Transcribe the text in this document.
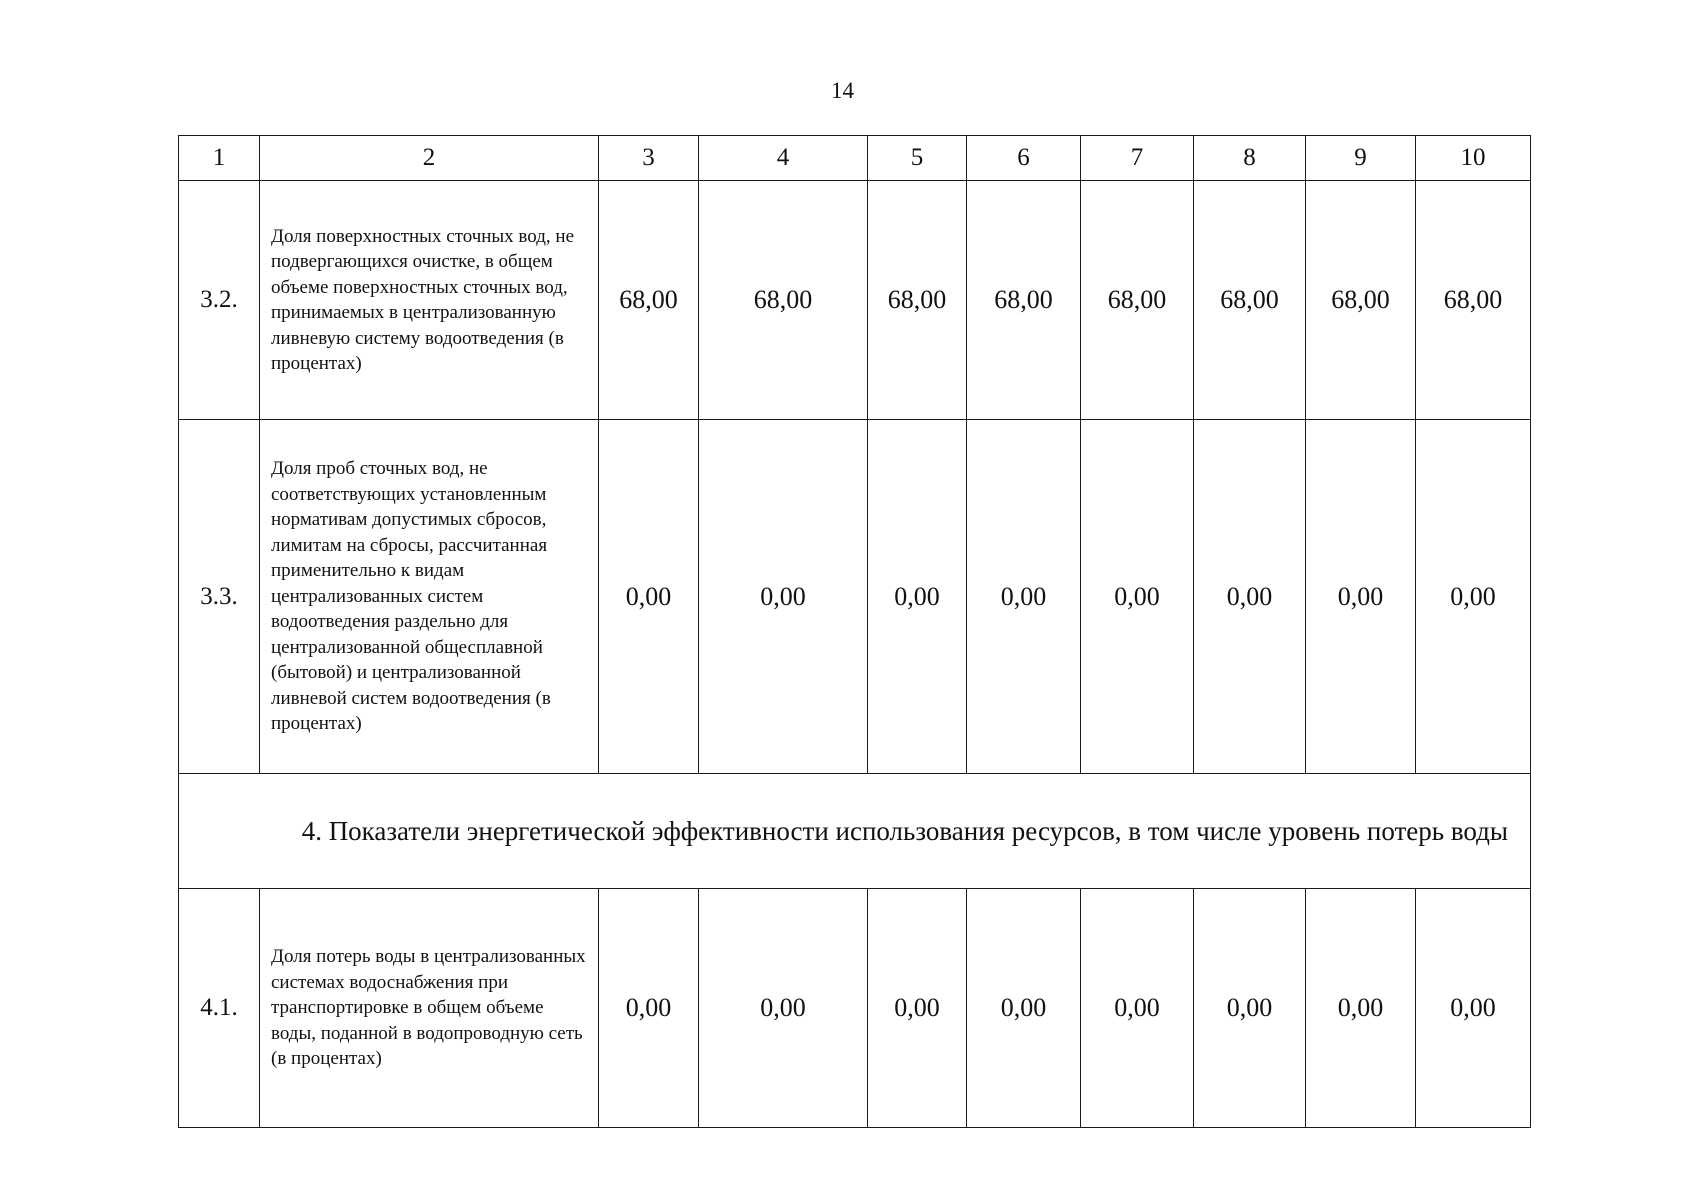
14
1	2	3	4	5	6	7	8	9	10
3.2.	Доля поверхностных сточных вод, не подвергающихся очистке, в общем объеме поверхностных сточных вод, принимаемых в централизованную ливневую систему водоотведения (в процентах)	68,00	68,00	68,00	68,00	68,00	68,00	68,00	68,00
3.3.	Доля проб сточных вод, не соответствующих установленным нормативам допустимых сбросов, лимитам на сбросы, рассчитанная применительно к видам централизованных систем водоотведения раздельно для централизованной общесплавной (бытовой) и централизованной ливневой систем водоотведения (в процентах)	0,00	0,00	0,00	0,00	0,00	0,00	0,00	0,00
4. Показатели энергетической эффективности использования ресурсов, в том числе уровень потерь воды									
4.1.	Доля потерь воды в централизованных системах водоснабжения при транспортировке в общем объеме воды, поданной в водопроводную сеть (в процентах)	0,00	0,00	0,00	0,00	0,00	0,00	0,00	0,00
